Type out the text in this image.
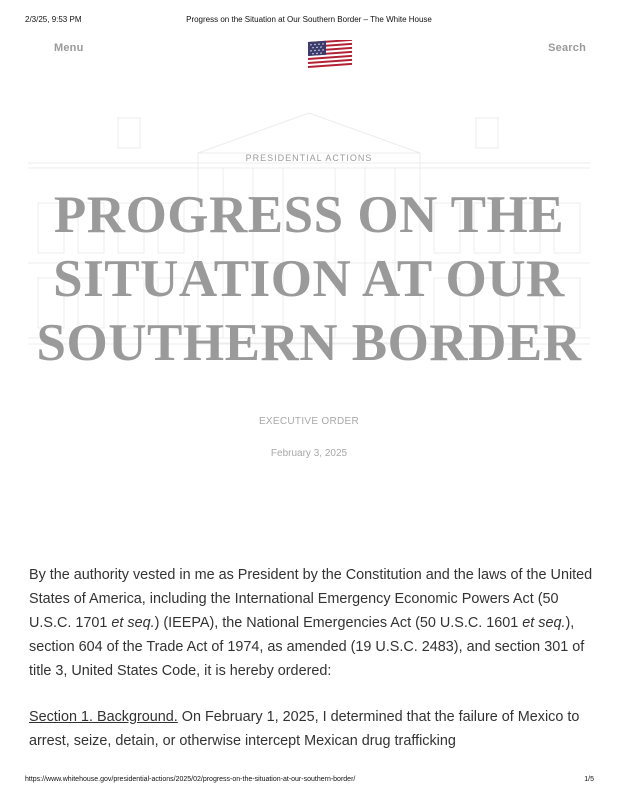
2/3/25, 9:53 PM	Progress on the Situation at Our Southern Border – The White House
Menu	Search
PRESIDENTIAL ACTIONS
PROGRESS ON THE
SITUATION AT OUR
SOUTHERN BORDER
EXECUTIVE ORDER
February 3, 2025

By the authority vested in me as President by the Constitution and the laws of the United States of America, including the International Emergency Economic Powers Act (50 U.S.C. 1701 et seq.) (IEEPA), the National Emergencies Act (50 U.S.C. 1601 et seq.), section 604 of the Trade Act of 1974, as amended (19 U.S.C. 2483), and section 301 of title 3, United States Code, it is hereby ordered:

Section 1. Background. On February 1, 2025, I determined that the failure of Mexico to arrest, seize, detain, or otherwise intercept Mexican drug trafficking

https://www.whitehouse.gov/presidential-actions/2025/02/progress-on-the-situation-at-our-southern-border/	1/5
